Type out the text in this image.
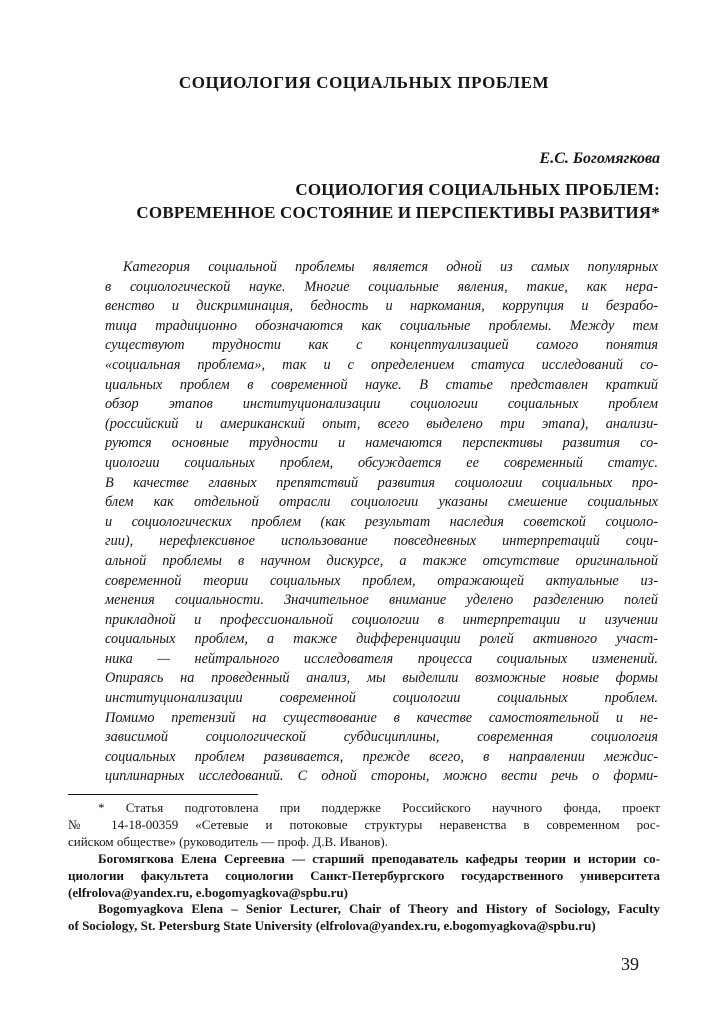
СОЦИОЛОГИЯ СОЦИАЛЬНЫХ ПРОБЛЕМ
Е.С. Богомягкова
СОЦИОЛОГИЯ СОЦИАЛЬНЫХ ПРОБЛЕМ:
СОВРЕМЕННОЕ СОСТОЯНИЕ И ПЕРСПЕКТИВЫ РАЗВИТИЯ*
Категория социальной проблемы является одной из самых популярных
в социологической науке. Многие социальные явления, такие, как нера-
венство и дискриминация, бедность и наркомания, коррупция и безрабо-
тица традиционно обозначаются как социальные проблемы. Между тем
существуют трудности как с концептуализацией самого понятия
«социальная проблема», так и с определением статуса исследований со-
циальных проблем в современной науке. В статье представлен краткий
обзор этапов институционализации социологии социальных проблем
(российский и американский опыт, всего выделено три этапа), анализи-
руются основные трудности и намечаются перспективы развития со-
циологии социальных проблем, обсуждается ее современный статус.
В качестве главных препятствий развития социологии социальных про-
блем как отдельной отрасли социологии указаны смешение социальных
и социологических проблем (как результат наследия советской социоло-
гии), нерефлексивное использование повседневных интерпретаций соци-
альной проблемы в научном дискурсе, а также отсутствие оригинальной
современной теории социальных проблем, отражающей актуальные из-
менения социальности. Значительное внимание уделено разделению полей
прикладной и профессиональной социологии в интерпретации и изучении
социальных проблем, а также дифференциации ролей активного участ-
ника — нейтрального исследователя процесса социальных изменений.
Опираясь на проведенный анализ, мы выделили возможные новые формы
институционализации современной социологии социальных проблем.
Помимо претензий на существование в качестве самостоятельной и не-
зависимой социологической субдисциплины, современная социология
социальных проблем развивается, прежде всего, в направлении междис-
циплинарных исследований. С одной стороны, можно вести речь о форми-
* Статья подготовлена при поддержке Российского научного фонда, проект
№ 14-18-00359 «Сетевые и потоковые структуры неравенства в современном рос-
сийском обществе» (руководитель — проф. Д.В. Иванов).
Богомягкова Елена Сергеевна — старший преподаватель кафедры теории и истории со-
циологии факультета социологии Санкт-Петербургского государственного университета
(elfrolova@yandex.ru, e.bogomyagkova@spbu.ru)
Bogomyagkova Elena – Senior Lecturer, Chair of Theory and History of Sociology, Faculty
of Sociology, St. Petersburg State University (elfrolova@yandex.ru, e.bogomyagkova@spbu.ru)
39
